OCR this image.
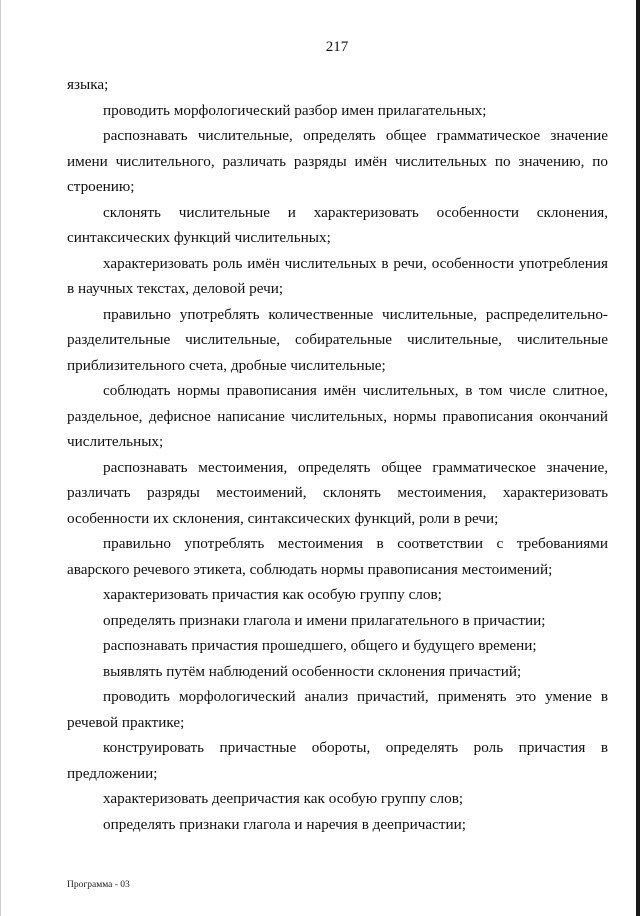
217

языка;

проводить морфологический разбор имен прилагательных;

распознавать числительные, определять общее грамматическое значение имени числительного, различать разряды имён числительных по значению, по строению;

склонять числительные и характеризовать особенности склонения, синтаксических функций числительных;

характеризовать роль имён числительных в речи, особенности употребления в научных текстах, деловой речи;

правильно употреблять количественные числительные, распределительно-разделительные числительные, собирательные числительные, числительные приблизительного счета, дробные числительные;

соблюдать нормы правописания имён числительных, в том числе слитное, раздельное, дефисное написание числительных, нормы правописания окончаний числительных;

распознавать местоимения, определять общее грамматическое значение, различать разряды местоимений, склонять местоимения, характеризовать особенности их склонения, синтаксических функций, роли в речи;

правильно употреблять местоимения в соответствии с требованиями аварского речевого этикета, соблюдать нормы правописания местоимений;

характеризовать причастия как особую группу слов;

определять признаки глагола и имени прилагательного в причастии;

распознавать причастия прошедшего, общего и будущего времени;

выявлять путём наблюдений особенности склонения причастий;

проводить морфологический анализ причастий, применять это умение в речевой практике;

конструировать причастные обороты, определять роль причастия в предложении;

характеризовать деепричастия как особую группу слов;

определять признаки глагола и наречия в деепричастии;

Программа - 03
